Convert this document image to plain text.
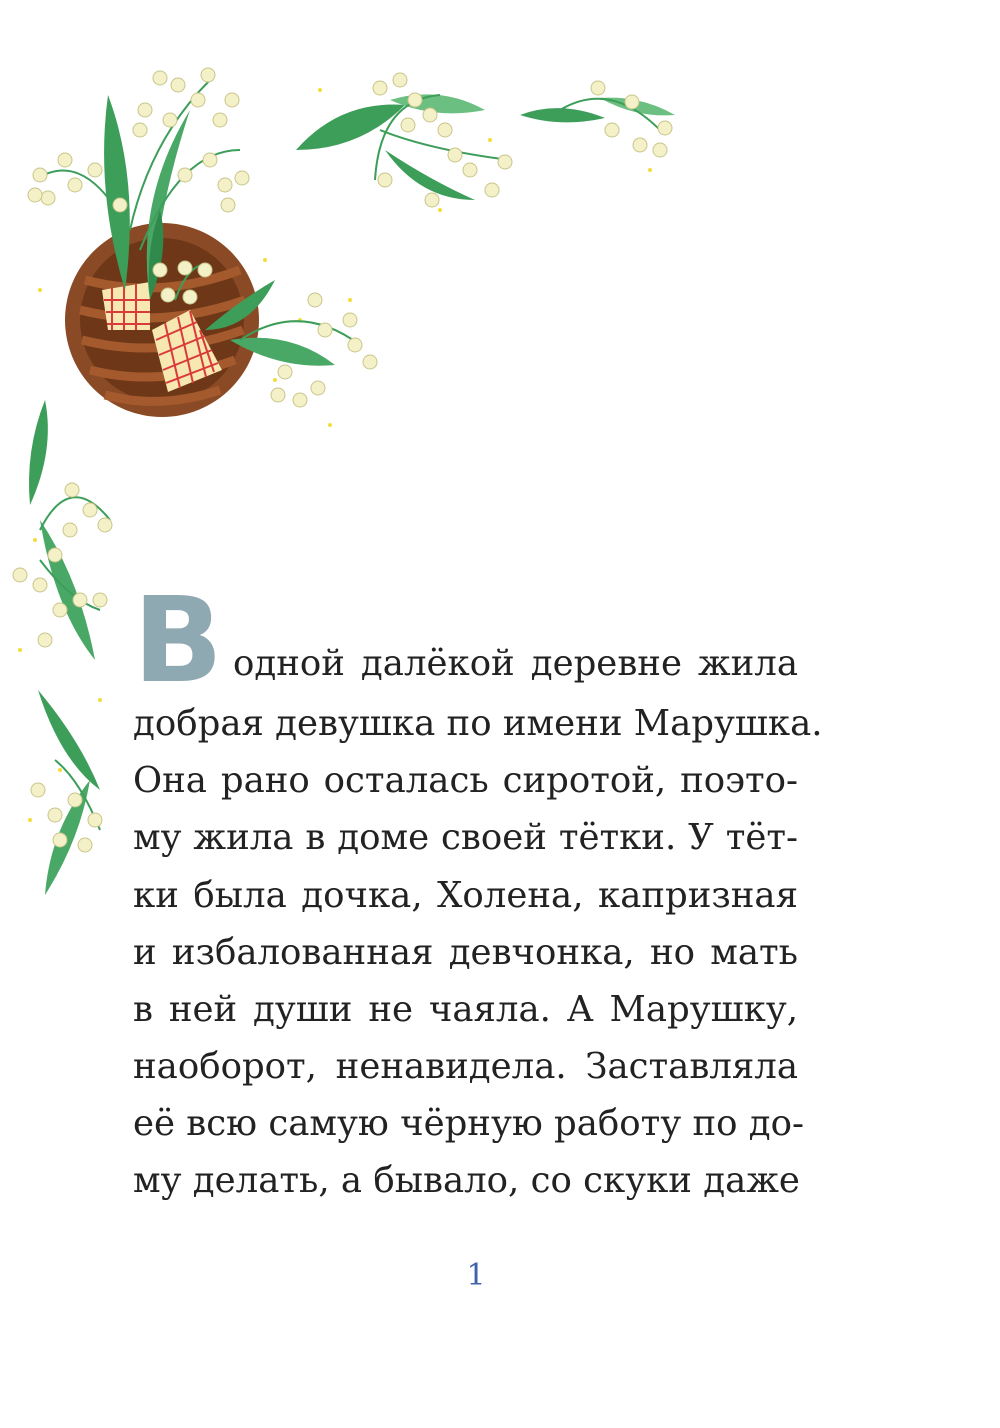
В одной далёкой деревне жила
добрая девушка по имени Марушка.
Она рано осталась сиротой, поэто-
му жила в доме своей тётки. У тёт-
ки была дочка, Холена, капризная
и избалованная девчонка, но мать
в ней души не чаяла. А Марушку,
наоборот, ненавидела. Заставляла
её всю самую чёрную работу по до-
му делать, а бывало, со скуки даже
1
